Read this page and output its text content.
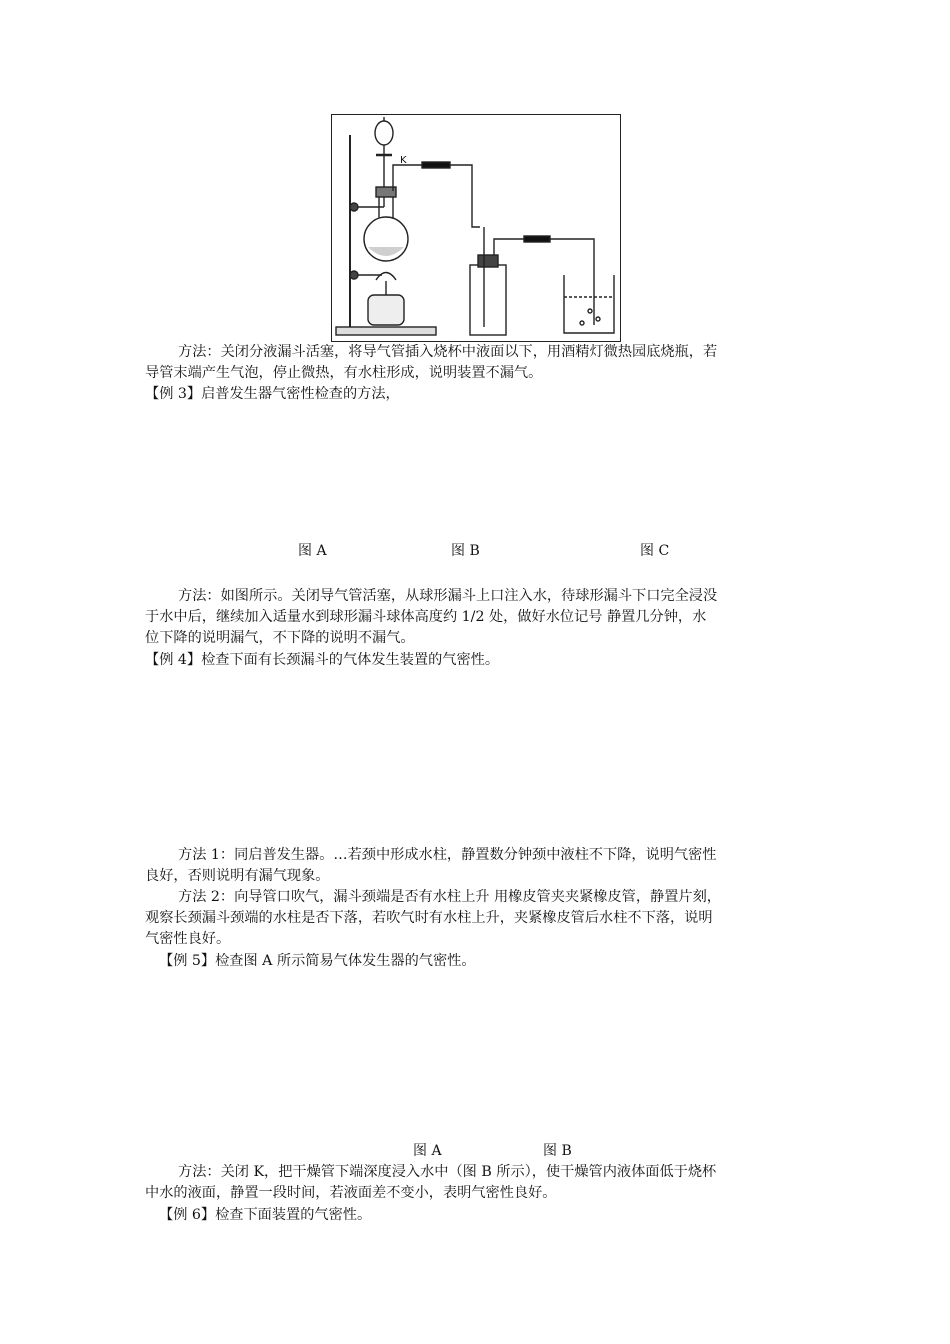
K
方法：关闭分液漏斗活塞，将导气管插入烧杯中液面以下，用酒精灯微热园底烧瓶，若
导管末端产生气泡，停止微热，有水柱形成，说明装置不漏气。
【例 3】启普发生器气密性检查的方法，
图 A	图 B	图 C
方法：如图所示。关闭导气管活塞，从球形漏斗上口注入水，待球形漏斗下口完全浸没
于水中后，继续加入适量水到球形漏斗球体高度约 1/2 处，做好水位记号 静置几分钟，水
位下降的说明漏气，不下降的说明不漏气。
【例 4】检查下面有长颈漏斗的气体发生装置的气密性。
方法 1：同启普发生器。…若颈中形成水柱，静置数分钟颈中液柱不下降，说明气密性
良好，否则说明有漏气现象。
方法 2：向导管口吹气，漏斗颈端是否有水柱上升 用橡皮管夹夹紧橡皮管，静置片刻，
观察长颈漏斗颈端的水柱是否下落，若吹气时有水柱上升，夹紧橡皮管后水柱不下落，说明
气密性良好。
【例 5】检查图 A 所示简易气体发生器的气密性。
图 A	图 B
方法：关闭 K，把干燥管下端深度浸入水中（图 B 所示），使干燥管内液体面低于烧杯
中水的液面，静置一段时间，若液面差不变小，表明气密性良好。
【例 6】检查下面装置的气密性。
